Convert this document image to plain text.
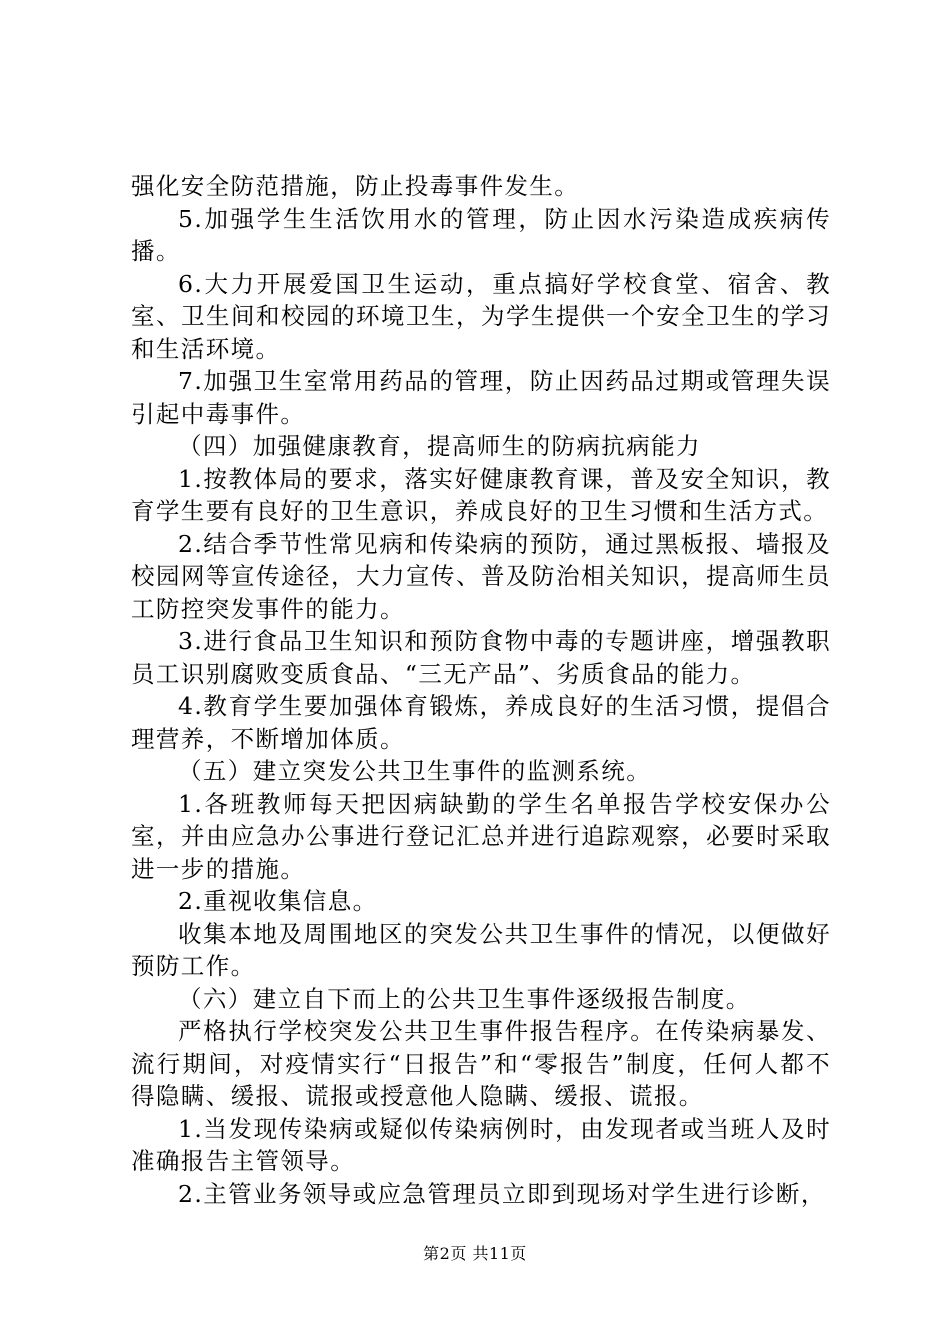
强化安全防范措施，防止投毒事件发生。

5.加强学生生活饮用水的管理，防止因水污染造成疾病传播。

6.大力开展爱国卫生运动，重点搞好学校食堂、宿舍、教室、卫生间和校园的环境卫生，为学生提供一个安全卫生的学习和生活环境。

7.加强卫生室常用药品的管理，防止因药品过期或管理失误引起中毒事件。

（四）加强健康教育，提高师生的防病抗病能力

1.按教体局的要求，落实好健康教育课，普及安全知识，教育学生要有良好的卫生意识，养成良好的卫生习惯和生活方式。

2.结合季节性常见病和传染病的预防，通过黑板报、墙报及校园网等宣传途径，大力宣传、普及防治相关知识，提高师生员工防控突发事件的能力。

3.进行食品卫生知识和预防食物中毒的专题讲座，增强教职员工识别腐败变质食品、“三无产品”、劣质食品的能力。

4.教育学生要加强体育锻炼，养成良好的生活习惯，提倡合理营养，不断增加体质。

（五）建立突发公共卫生事件的监测系统。

1.各班教师每天把因病缺勤的学生名单报告学校安保办公室，并由应急办公事进行登记汇总并进行追踪观察，必要时采取进一步的措施。

2.重视收集信息。

收集本地及周围地区的突发公共卫生事件的情况，以便做好预防工作。

（六）建立自下而上的公共卫生事件逐级报告制度。

严格执行学校突发公共卫生事件报告程序。在传染病暴发、流行期间，对疫情实行“日报告”和“零报告”制度，任何人都不得隐瞒、缓报、谎报或授意他人隐瞒、缓报、谎报。

1.当发现传染病或疑似传染病例时，由发现者或当班人及时准确报告主管领导。

2.主管业务领导或应急管理员立即到现场对学生进行诊断，

第2页 共11页
